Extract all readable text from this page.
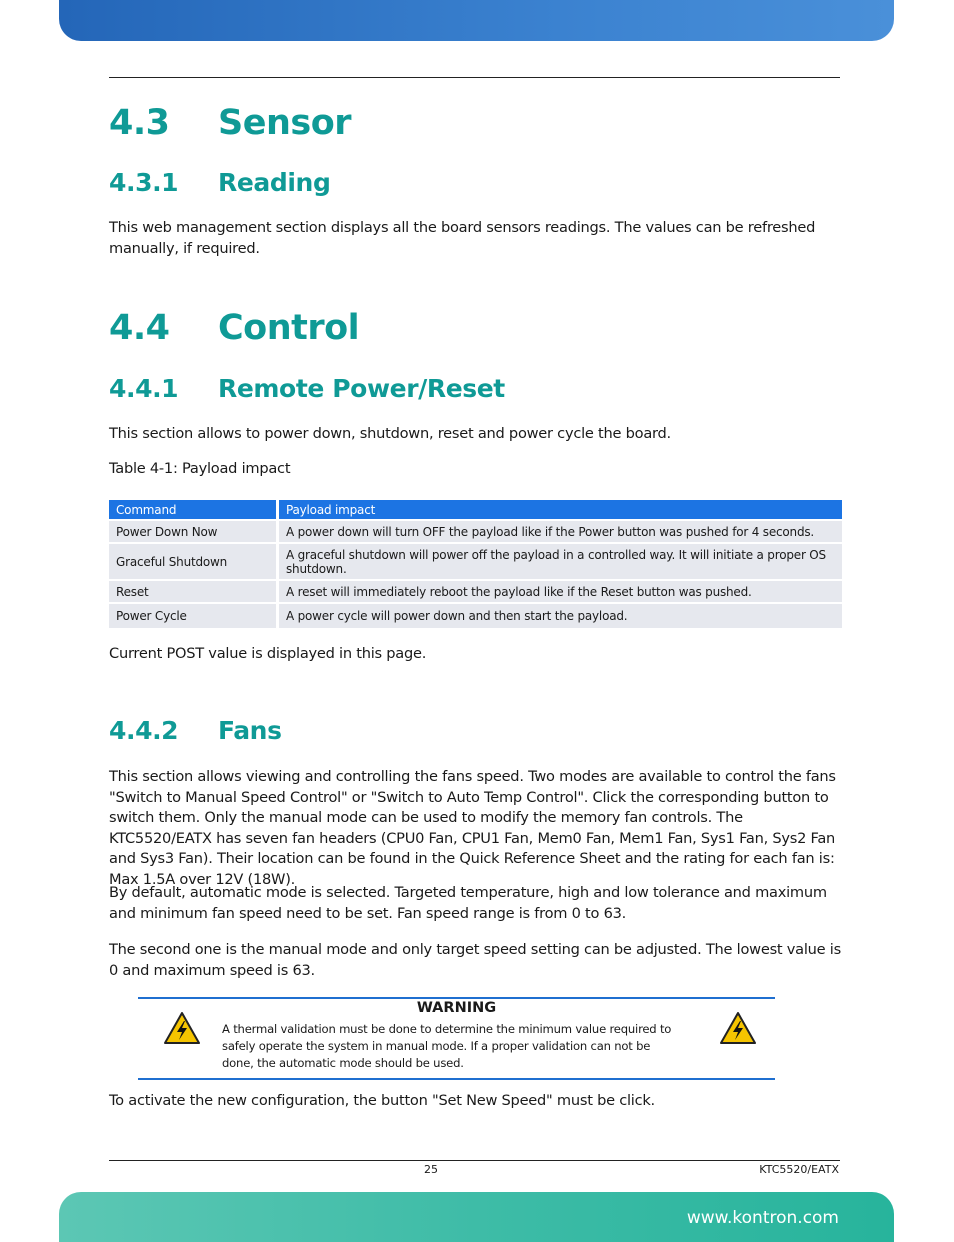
4.3 Sensor
4.3.1 Reading

This web management section displays all the board sensors readings. The values can be refreshed manually, if required.

4.4 Control
4.4.1 Remote Power/Reset

This section allows to power down, shutdown, reset and power cycle the board.

Table 4-1: Payload impact

Command	Payload impact
Power Down Now	A power down will turn OFF the payload like if the Power button was pushed for 4 seconds.
Graceful Shutdown	A graceful shutdown will power off the payload in a controlled way. It will initiate a proper OS shutdown.
Reset	A reset will immediately reboot the payload like if the Reset button was pushed.
Power Cycle	A power cycle will power down and then start the payload.

Current POST value is displayed in this page.

4.4.2 Fans

This section allows viewing and controlling the fans speed. Two modes are available to control the fans "Switch to Manual Speed Control" or "Switch to Auto Temp Control". Click the corresponding button to switch them. Only the manual mode can be used to modify the memory fan controls. The KTC5520/EATX has seven fan headers (CPU0 Fan, CPU1 Fan, Mem0 Fan, Mem1 Fan, Sys1 Fan, Sys2 Fan and Sys3 Fan). Their location can be found in the Quick Reference Sheet and the rating for each fan is: Max 1.5A over 12V (18W).

By default, automatic mode is selected. Targeted temperature, high and low tolerance and maximum and minimum fan speed need to be set. Fan speed range is from 0 to 63.

The second one is the manual mode and only target speed setting can be adjusted. The lowest value is 0 and maximum speed is 63.

WARNING
A thermal validation must be done to determine the minimum value required to safely operate the system in manual mode. If a proper validation can not be done, the automatic mode should be used.

To activate the new configuration, the button "Set New Speed" must be click.

25	KTC5520/EATX
www.kontron.com
